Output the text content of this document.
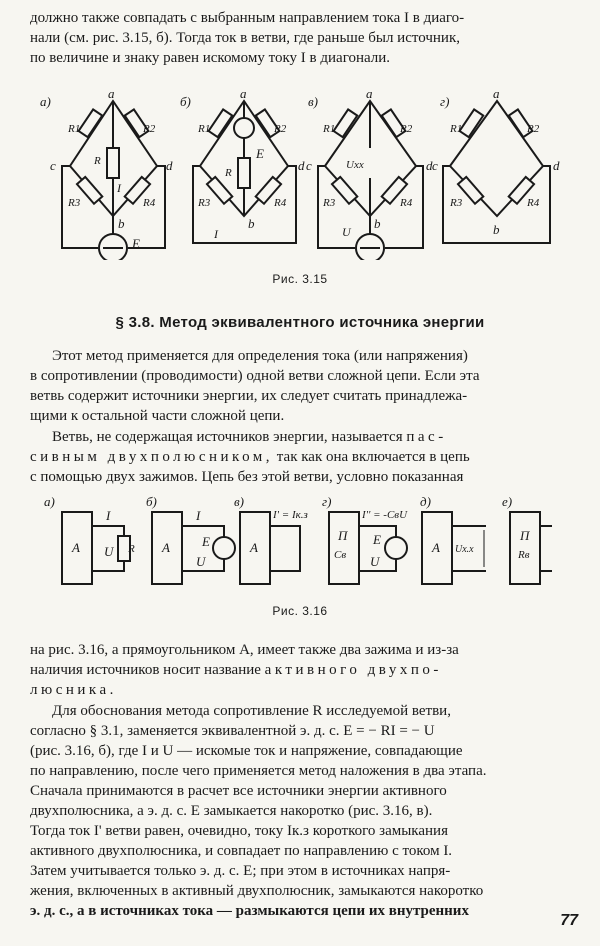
должно также совпадать с выбранным направлением тока I в диаго-
нали (см. рис. 3.15, б). Тогда ток в ветви, где раньше был источник,
по величине и знаку равен искомому току I в диагонали.
а)
a
b
c	d
R1	R2
R
R3	R4
E
I
б)
a
b
d
R1	R2
R
R3	R4
E
I
в)
a
b
c	d
R1	R2
R3	R4
Uxx
U
г)
a
b
c	d
R1	R2
R3	R4
Рис. 3.15
§ 3.8. Метод эквивалентного источника энергии
Этот метод применяется для определения тока (или напряжения)
в сопротивлении (проводимости) одной ветви сложной цепи. Если эта
ветвь содержит источники энергии, их следует считать принадлежа-
щими к остальной части сложной цепи.
Ветвь, не содержащая источников энергии, называется пас-
сивным двухполюсником, так как она включается в цепь
с помощью двух зажимов. Цепь без этой ветви, условно показанная
а)
А
I
U R
б)
А
I
U
E
в)
А
I' = Iк.з
г)
П
Cв
I'' = -CвU
U
E
д)
А Uх.х
е)
П
Rв
Рис. 3.16
на рис. 3.16, а прямоугольником А, имеет также два зажима и из-за
наличия источников носит название активного двухпо-
люсника.
Для обоснования метода сопротивление R исследуемой ветви,
согласно § 3.1, заменяется эквивалентной э. д. с. E = − RI = − U
(рис. 3.16, б), где I и U — искомые ток и напряжение, совпадающие
по направлению, после чего применяется метод наложения в два этапа.
Сначала принимаются в расчет все источники энергии активного
двухполюсника, а э. д. с. E замыкается накоротко (рис. 3.16, в).
Тогда ток I' ветви равен, очевидно, току Iк.з короткого замыкания
активного двухполюсника, и совпадает по направлению с током I.
Затем учитывается только э. д. с. E; при этом в источниках напря-
жения, включенных в активный двухполюсник, замыкаются накоротко
э. д. с., а в источниках тока — размыкаются цепи их внутренних
77
